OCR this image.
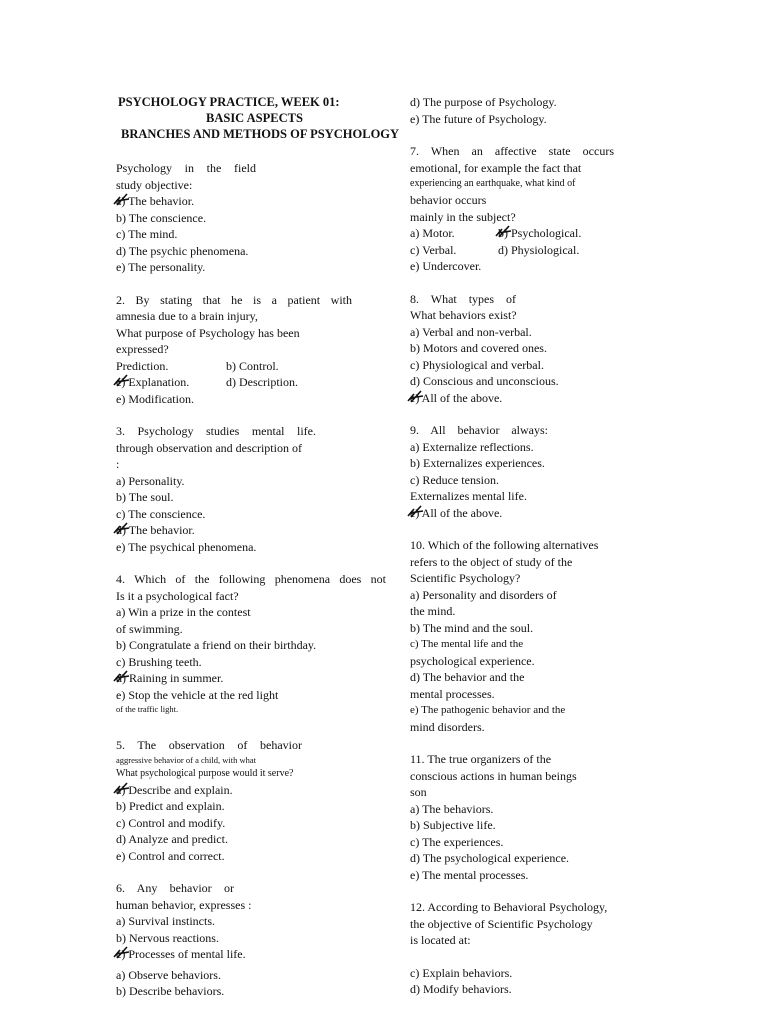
PSYCHOLOGY PRACTICE, WEEK 01:

BASIC ASPECTS

BRANCHES AND METHODS OF PSYCHOLOGY

Psychology in the field
study objective:
a) The behavior.
b) The conscience.
c) The mind.
d) The psychic phenomena.
e) The personality.
2. By stating that he is a patient with
amnesia due to a brain injury,
What purpose of Psychology has been
expressed?
Prediction.	b) Control.
c) Explanation.	d) Description.
e) Modification.
3. Psychology studies mental life.
through observation and description of
:
a) Personality.
b) The soul.
c) The conscience.
d) The behavior.
e) The psychical phenomena.
4. Which of the following phenomena does not
Is it a psychological fact?
a) Win a prize in the contest
of swimming.
b) Congratulate a friend on their birthday.
c) Brushing teeth.
d) Raining in summer.
e) Stop the vehicle at the red light
of the traffic light.
5. The observation of behavior
aggressive behavior of a child, with what
What psychological purpose would it serve?
a) Describe and explain.
b) Predict and explain.
c) Control and modify.
d) Analyze and predict.
e) Control and correct.
6. Any behavior or
human behavior, expresses :
a) Survival instincts.
b) Nervous reactions.
c) Processes of mental life.
a) Observe behaviors.
b) Describe behaviors.
d) The purpose of Psychology.
e) The future of Psychology.
7. When an affective state occurs
emotional, for example the fact that
experiencing an earthquake, what kind of
behavior occurs
mainly in the subject?
a) Motor.	b) Psychological.
c) Verbal.	d) Physiological.
e) Undercover.
8. What types of
What behaviors exist?
a) Verbal and non-verbal.
b) Motors and covered ones.
c) Physiological and verbal.
d) Conscious and unconscious.
e) All of the above.
9. All behavior always:
a) Externalize reflections.
b) Externalizes experiences.
c) Reduce tension.
Externalizes mental life.
e) All of the above.
10. Which of the following alternatives
refers to the object of study of the
Scientific Psychology?
a) Personality and disorders of
the mind.
b) The mind and the soul.
c) The mental life and the
psychological experience.
d) The behavior and the
mental processes.
e) The pathogenic behavior and the
mind disorders.
11. The true organizers of the
conscious actions in human beings
son
a) The behaviors.
b) Subjective life.
c) The experiences.
d) The psychological experience.
e) The mental processes.
12. According to Behavioral Psychology,
the objective of Scientific Psychology
is located at:
c) Explain behaviors.
d) Modify behaviors.
